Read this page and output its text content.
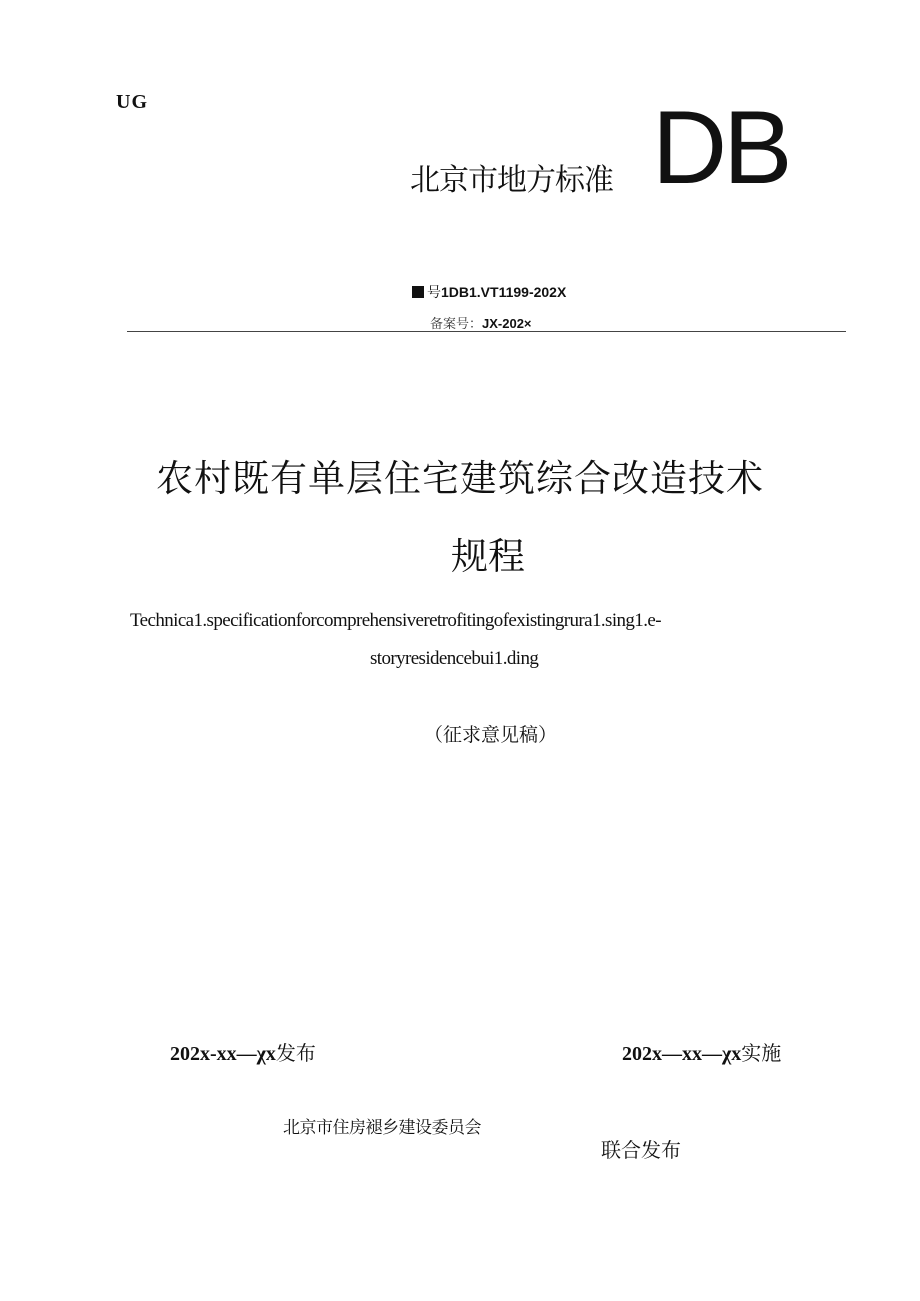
UG
北京市地方标准 DB
号1DB1.VT1199-202X
备案号：JX-202×
农村既有单层住宅建筑综合改造技术
规程
Technica1.specificationforcomprehensiveretrofitingofexistingrura1.sing1.e-
storyresidencebui1.ding
（征求意见稿）
202x-xx—χx发布	202x—xx—χx实施
北京市住房褪乡建设委员会
联合发布
